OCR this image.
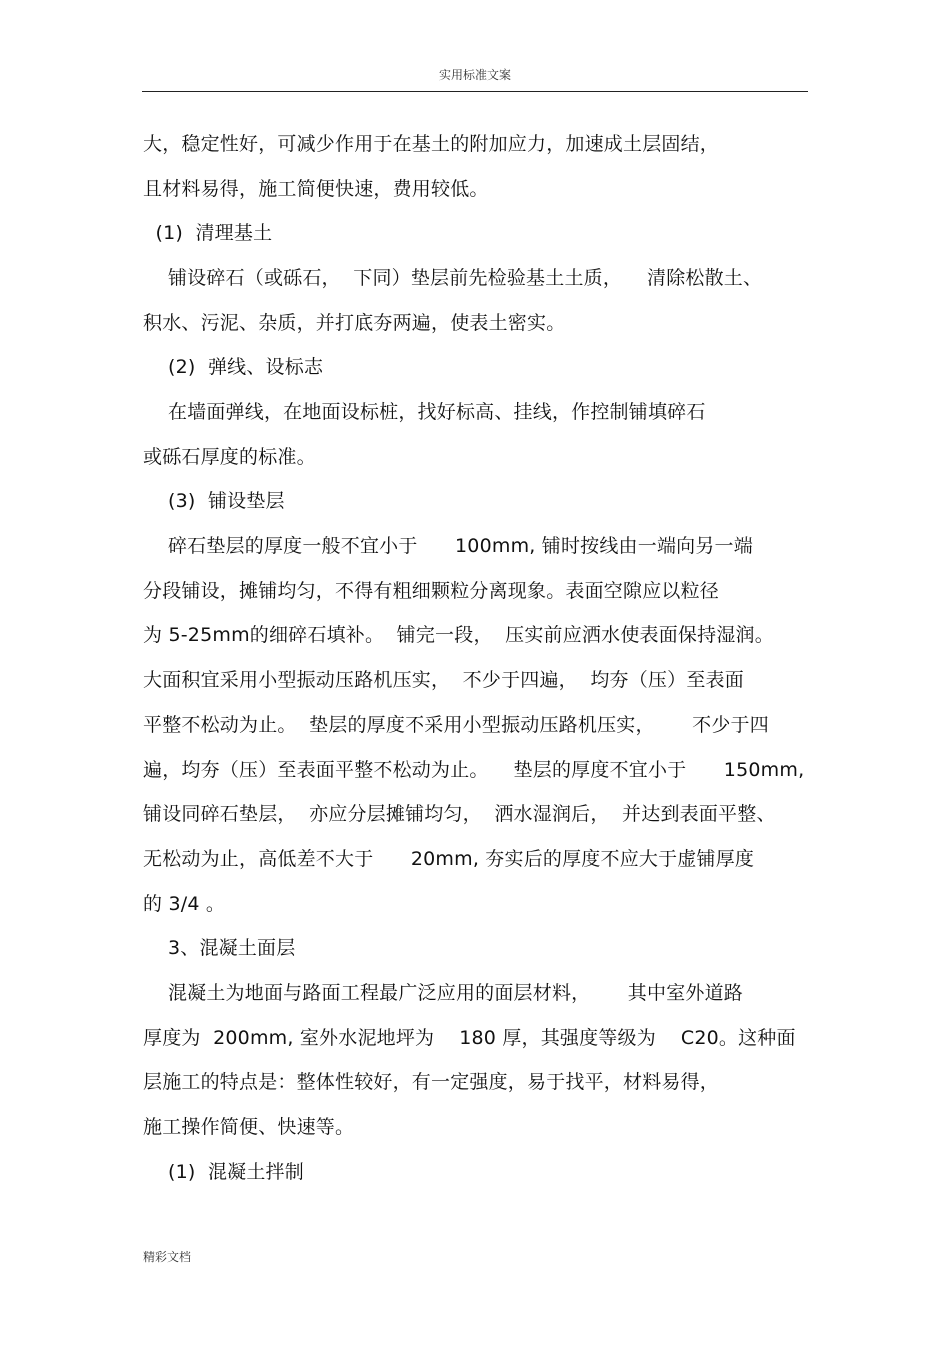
实用标准文案
大，稳定性好，可减少作用于在基土的附加应力，加速成土层固结，
且材料易得，施工简便快速，费用较低。
(1)  清理基土
铺设碎石（或砾石，  下同）垫层前先检验基土土质，    清除松散土、
积水、污泥、杂质，并打底夯两遍，使表土密实。
(2)  弹线、设标志
在墙面弹线，在地面设标桩，找好标高、挂线，作控制铺填碎石
或砾石厚度的标准。
(3)  铺设垫层
碎石垫层的厚度一般不宜小于      100mm, 铺时按线由一端向另一端
分段铺设，摊铺均匀，不得有粗细颗粒分离现象。表面空隙应以粒径
为 5-25mm的细碎石填补。  铺完一段，  压实前应洒水使表面保持湿润。
大面积宜采用小型振动压路机压实，  不少于四遍，  均夯（压）至表面
平整不松动为止。  垫层的厚度不采用小型振动压路机压实，      不少于四
遍，均夯（压）至表面平整不松动为止。    垫层的厚度不宜小于      150mm,
铺设同碎石垫层，  亦应分层摊铺均匀，  洒水湿润后，  并达到表面平整、
无松动为止，高低差不大于      20mm, 夯实后的厚度不应大于虚铺厚度
的 3/4 。
3、混凝土面层
混凝土为地面与路面工程最广泛应用的面层材料，      其中室外道路
厚度为  200mm, 室外水泥地坪为    180 厚，其强度等级为    C20。这种面
层施工的特点是：整体性较好，有一定强度，易于找平，材料易得，
施工操作简便、快速等。
(1)  混凝土拌制
精彩文档
